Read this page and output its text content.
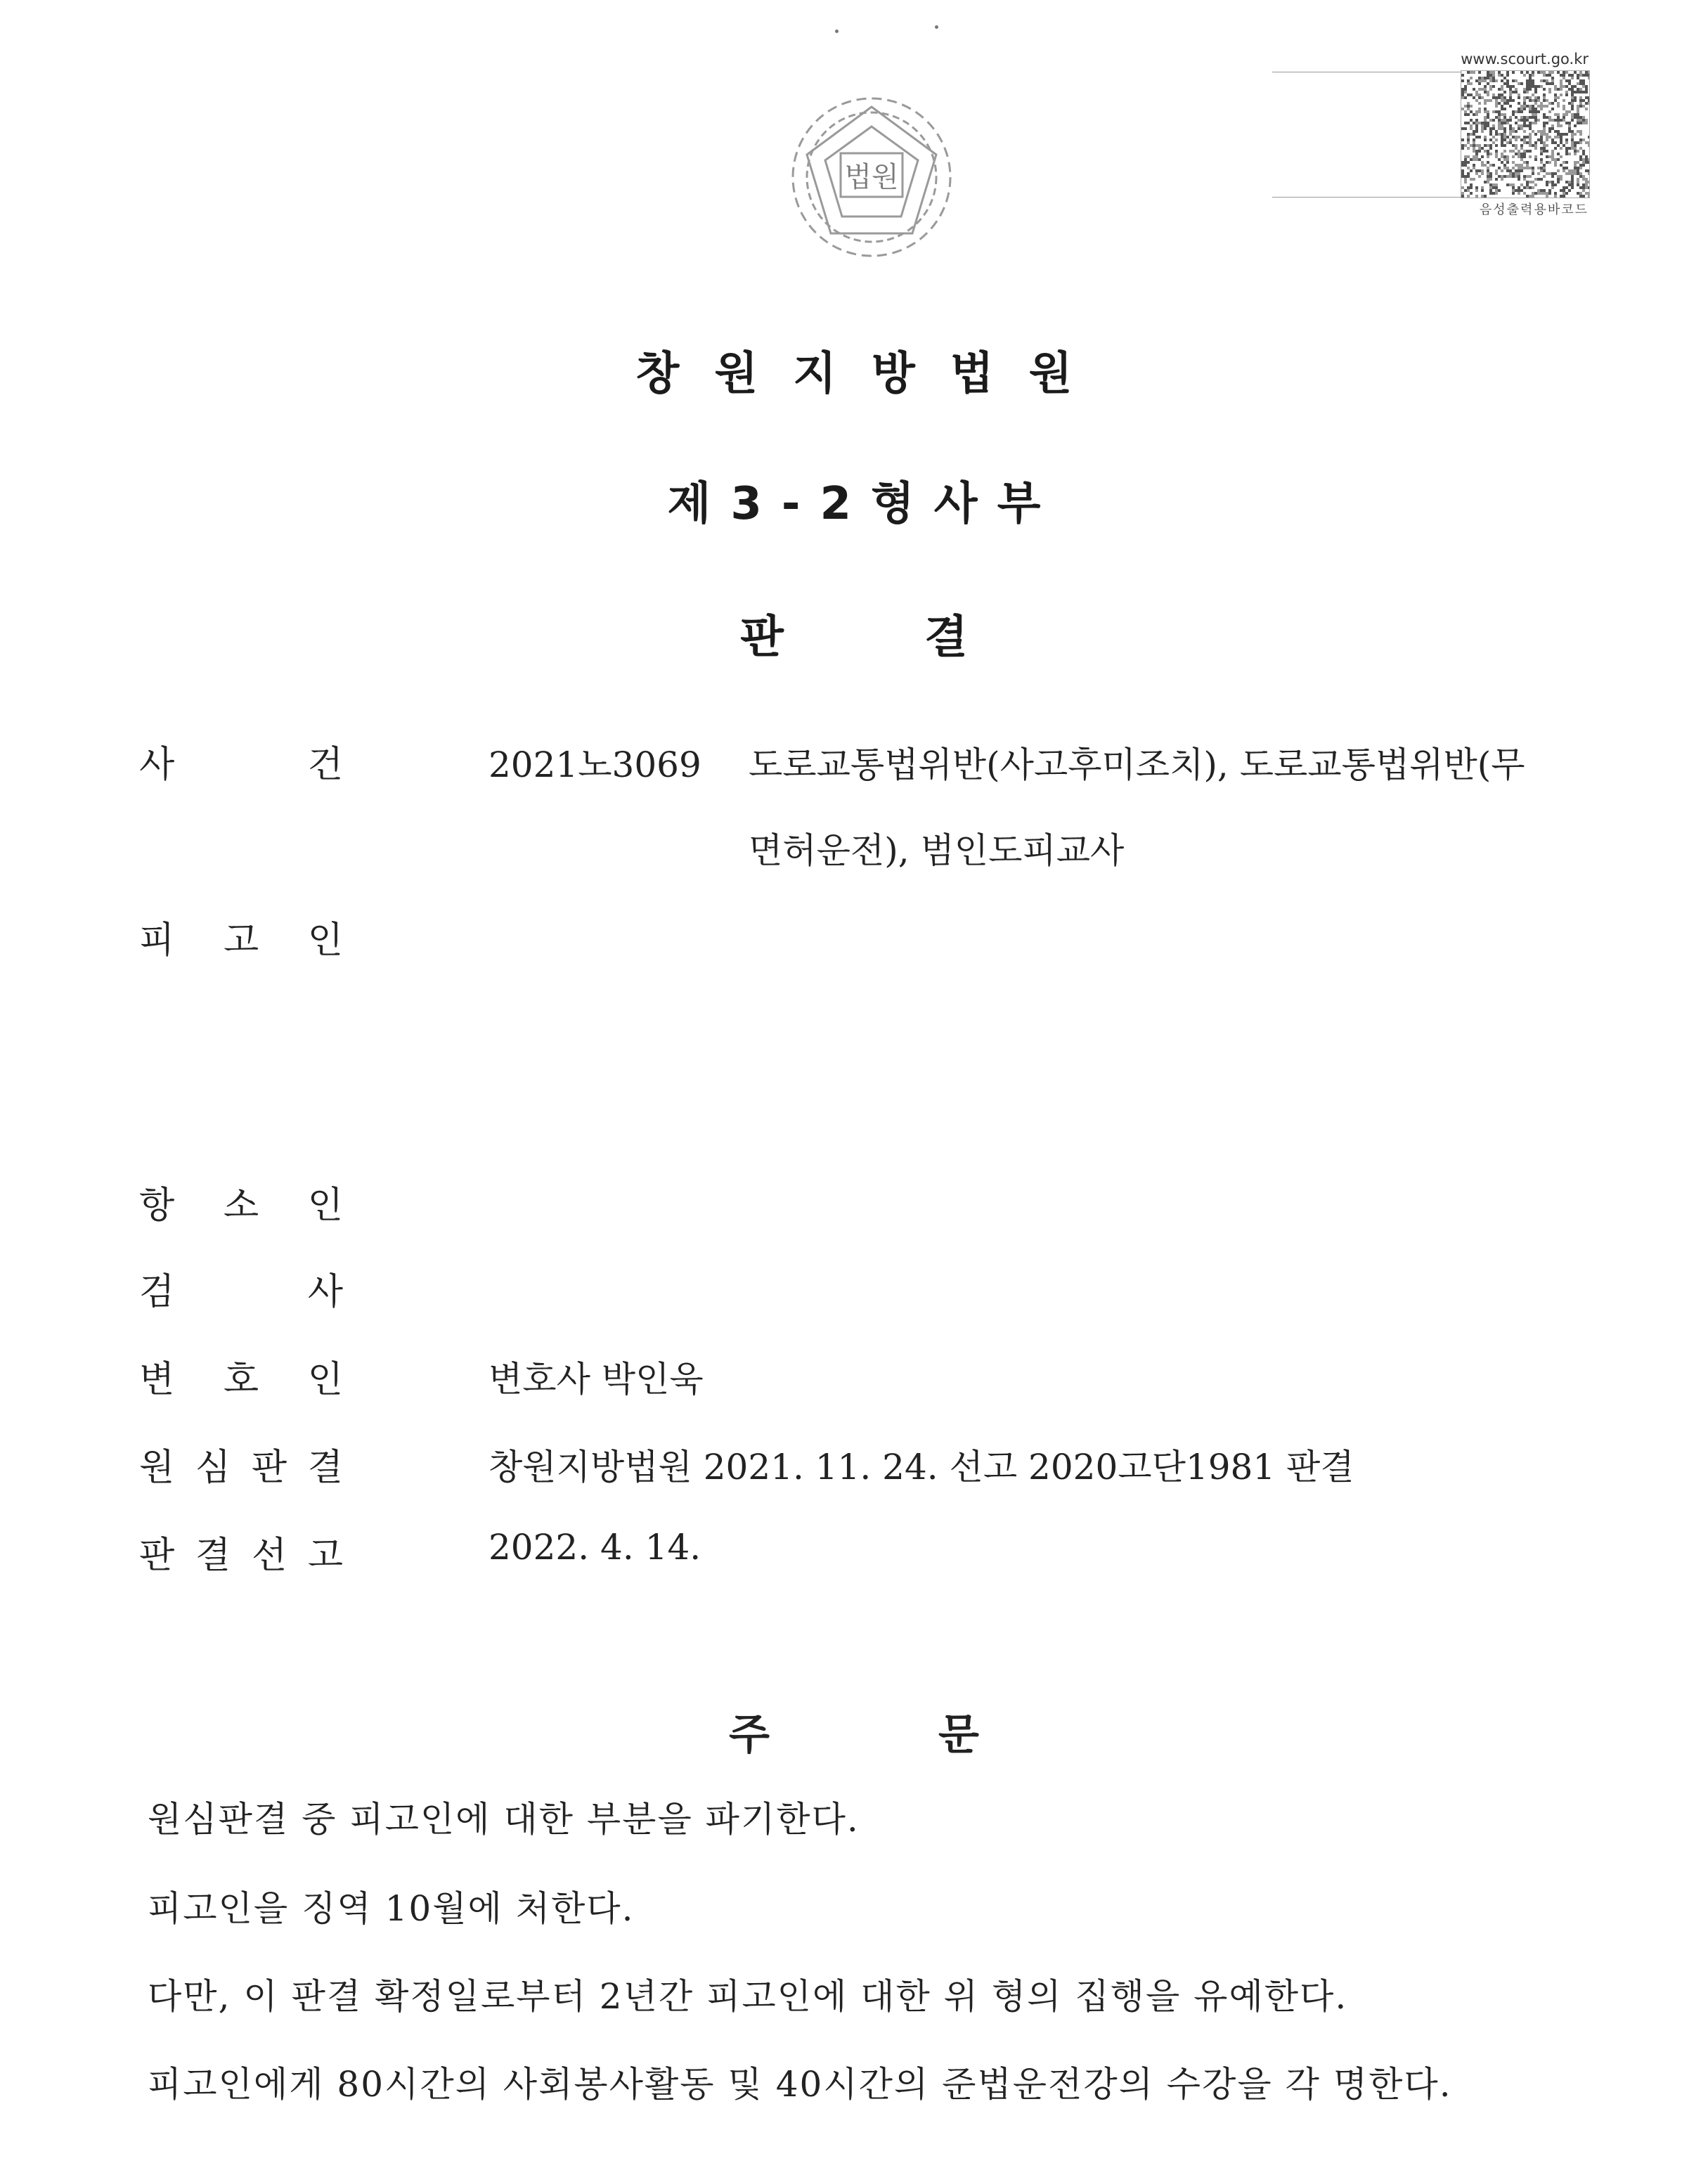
법원
www.scourt.go.kr
음성출력용바코드
창원지방법원
제3-2형사부
판	결
사	건	2021노3069 도로교통법위반(사고후미조치), 도로교통법위반(무
면허운전), 범인도피교사
피 고 인
항 소 인
검	사
변 호 인	변호사 박인욱
원 심 판 결	창원지방법원 2021. 11. 24. 선고 2020고단1981 판결
판 결 선 고	2022. 4. 14.
주	문
원심판결 중 피고인에 대한 부분을 파기한다.
피고인을 징역 10월에 처한다.
다만, 이 판결 확정일로부터 2년간 피고인에 대한 위 형의 집행을 유예한다.
피고인에게 80시간의 사회봉사활동 및 40시간의 준법운전강의 수강을 각 명한다.
